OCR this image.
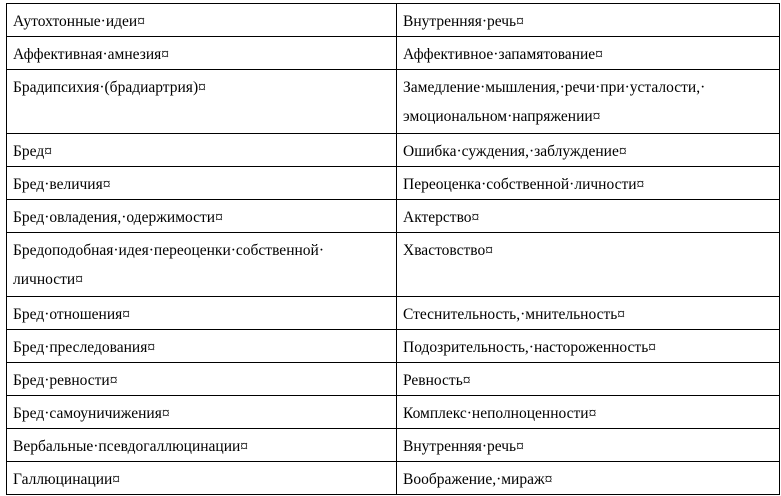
Аутохтонные·идеи¤	Внутренняя·речь¤
Аффективная·амнезия¤	Аффективное·запамятование¤
Брадипсихия·(брадиартрия)¤	Замедление·мышления,·речи·при·усталости,·
эмоциональном·напряжении¤
Бред¤	Ошибка·суждения,·заблуждение¤
Бред·величия¤	Переоценка·собственной·личности¤
Бред·овладения,·одержимости¤	Актерство¤
Бредоподобная·идея·переоценки·собственной·
личности¤	Хвастовство¤
Бред·отношения¤	Стеснительность,·мнительность¤
Бред·преследования¤	Подозрительность,·настороженность¤
Бред·ревности¤	Ревность¤
Бред·самоуничижения¤	Комплекс·неполноценности¤
Вербальные·псевдогаллюцинации¤	Внутренняя·речь¤
Галлюцинации¤	Воображение,·мираж¤
